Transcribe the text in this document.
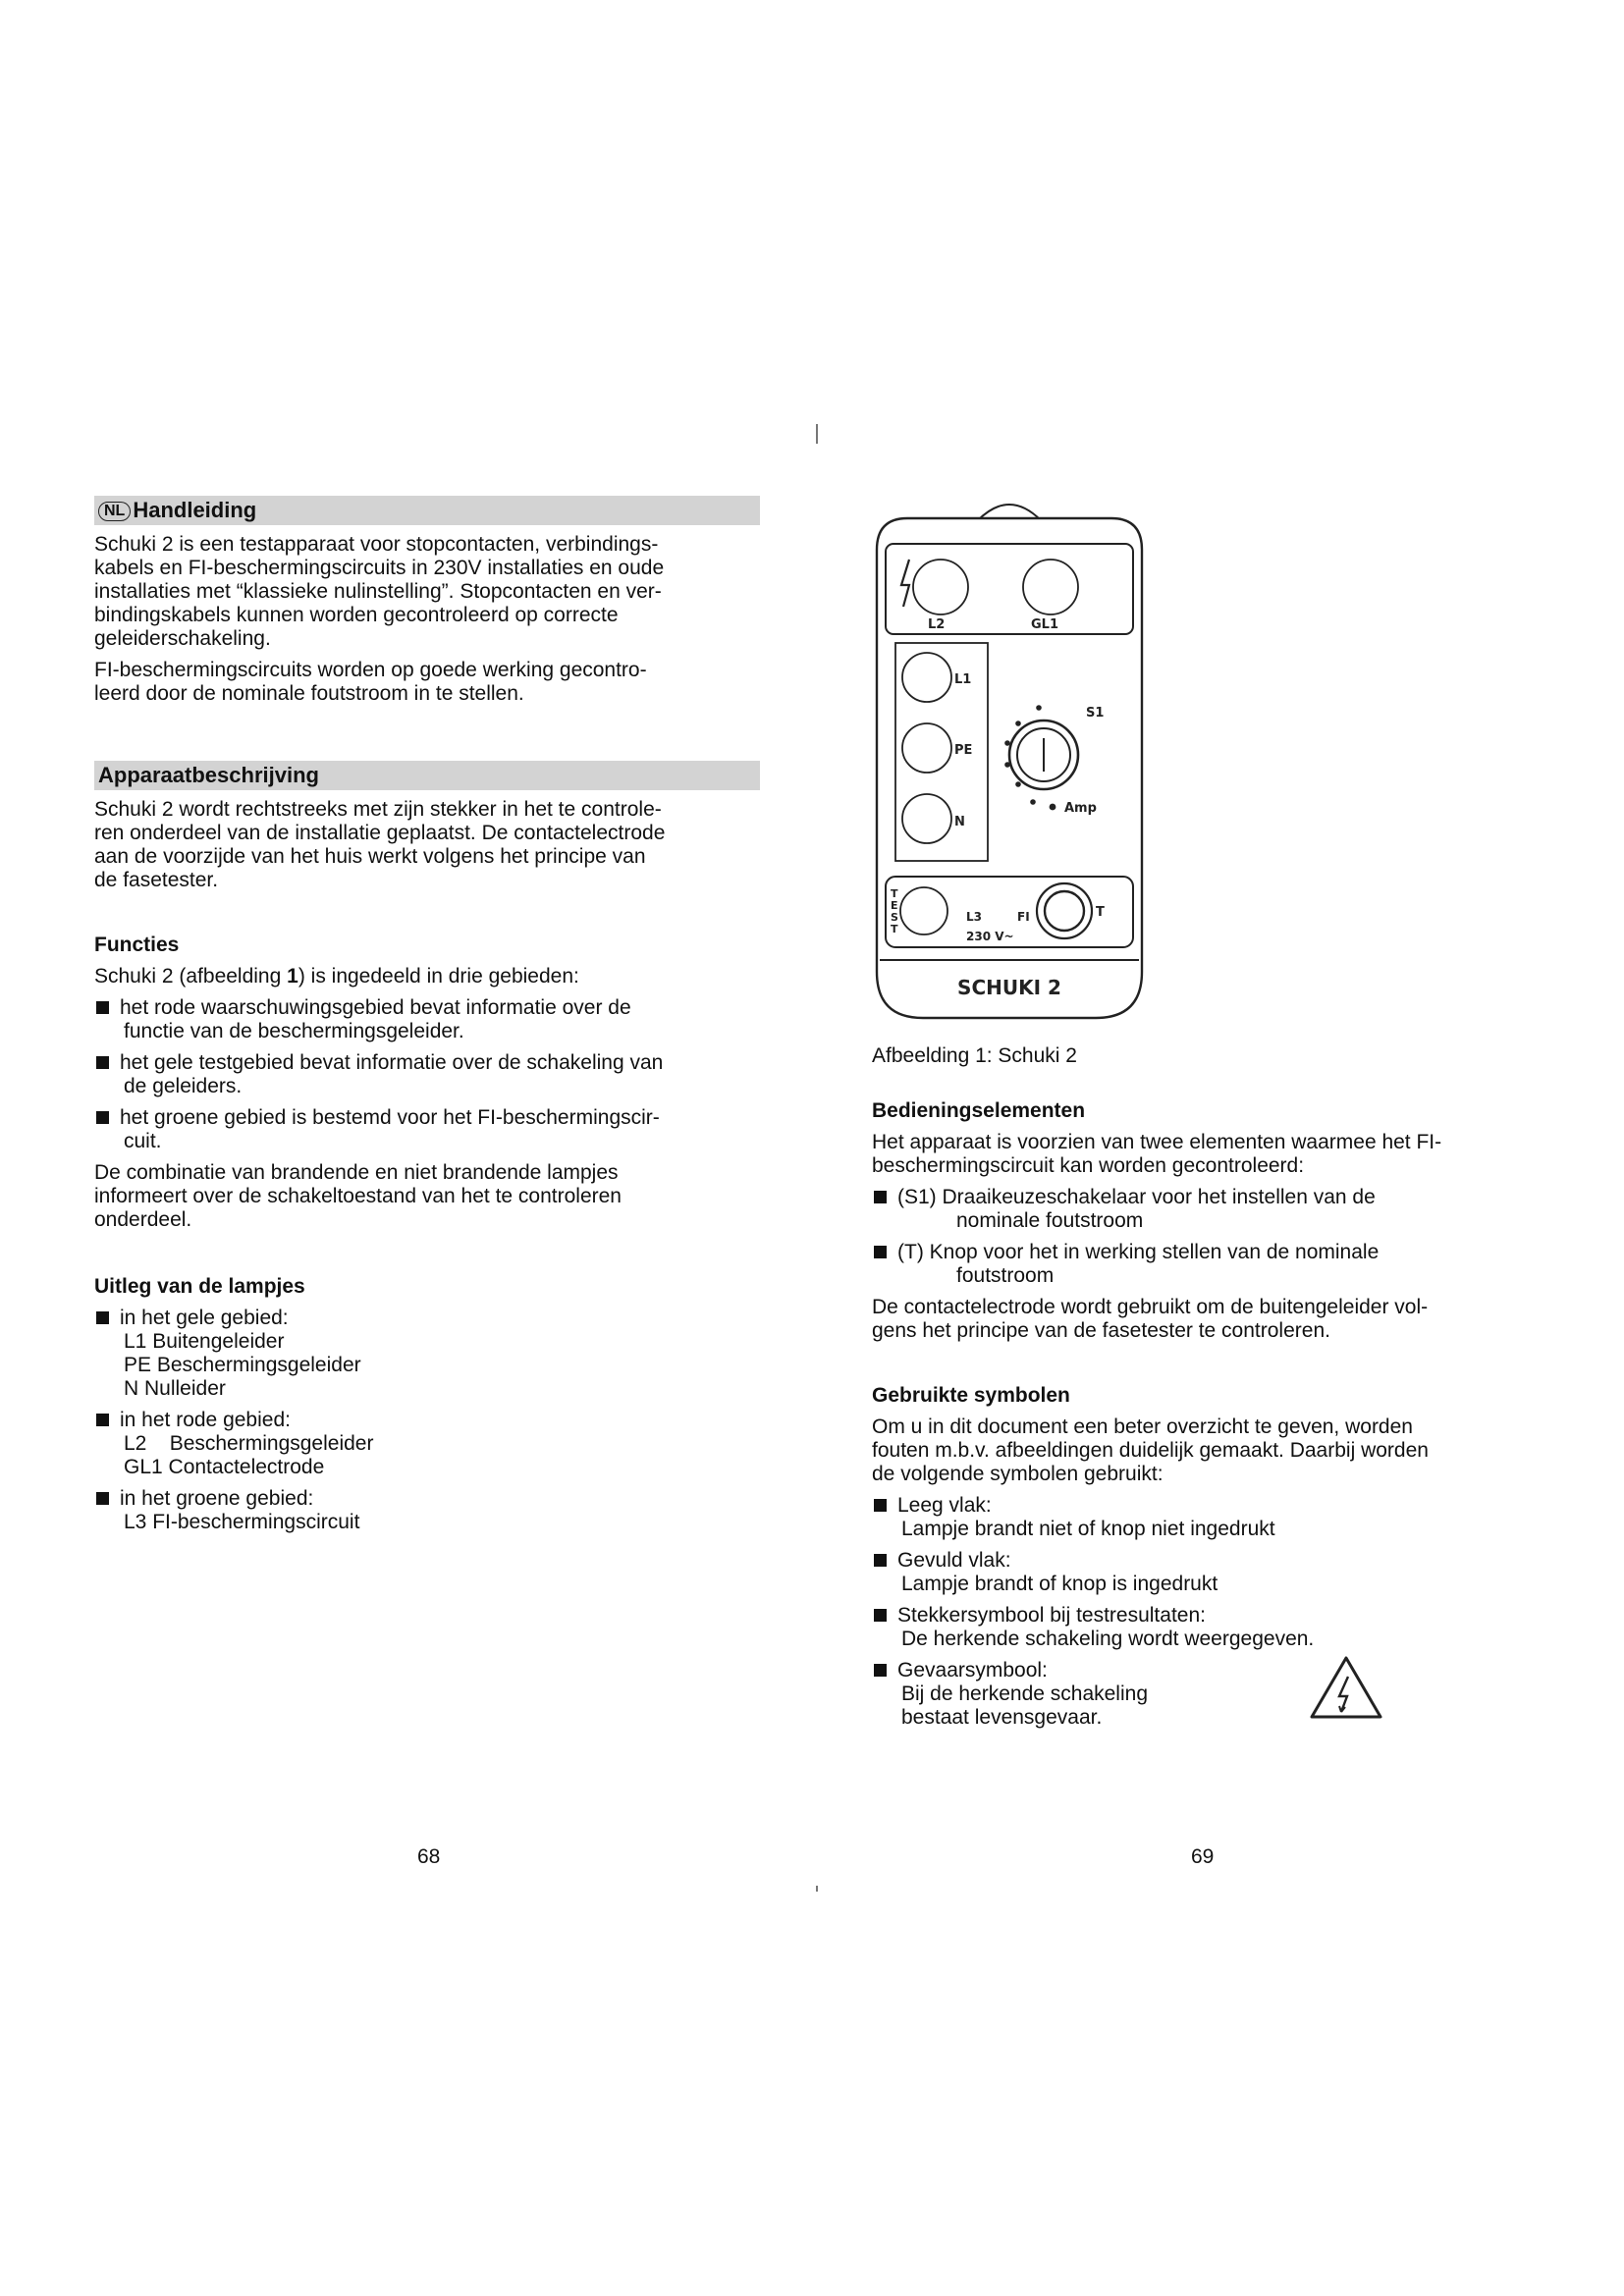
NL Handleiding

Schuki 2 is een testapparaat voor stopcontacten, verbindings-
kabels en FI-beschermingscircuits in 230V installaties en oude
installaties met “klassieke nulinstelling”. Stopcontacten en ver-
bindingskabels kunnen worden gecontroleerd op correcte
geleiderschakeling.

FI-beschermingscircuits worden op goede werking gecontro-
leerd door de nominale foutstroom in te stellen.

Apparaatbeschrijving

Schuki 2 wordt rechtstreeks met zijn stekker in het te controle-
ren onderdeel van de installatie geplaatst. De contactelectrode
aan de voorzijde van het huis werkt volgens het principe van
de fasetester.

Functies

Schuki 2 (afbeelding 1) is ingedeeld in drie gebieden:

het rode waarschuwingsgebied bevat informatie over de
functie van de beschermingsgeleider.
het gele testgebied bevat informatie over de schakeling van
de geleiders.
het groene gebied is bestemd voor het FI-beschermingscir-
cuit.

De combinatie van brandende en niet brandende lampjes
informeert over de schakeltoestand van het te controleren
onderdeel.

Uitleg van de lampjes
in het gele gebied:
L1 Buitengeleider
PE Beschermingsgeleider
N Nulleider
in het rode gebied:
L2    Beschermingsgeleider
GL1 Contactelectrode
in het groene gebied:
L3 FI-beschermingscircuit
68
L2	GL1
L1
PE
N
S1
Amp
T
E
S
T
L3	FI
230 V~
T
SCHUKI 2

Afbeelding 1: Schuki 2

Bedieningselementen

Het apparaat is voorzien van twee elementen waarmee het FI-
beschermingscircuit kan worden gecontroleerd:

(S1) Draaikeuzeschakelaar voor het instellen van de
nominale foutstroom
(T) Knop voor het in werking stellen van de nominale
foutstroom

De contactelectrode wordt gebruikt om de buitengeleider vol-
gens het principe van de fasetester te controleren.

Gebruikte symbolen

Om u in dit document een beter overzicht te geven, worden
fouten m.b.v. afbeeldingen duidelijk gemaakt. Daarbij worden
de volgende symbolen gebruikt:

Leeg vlak:
Lampje brandt niet of knop niet ingedrukt
Gevuld vlak:
Lampje brandt of knop is ingedrukt
Stekkersymbool bij testresultaten:
De herkende schakeling wordt weergegeven.
Gevaarsymbool:
Bij de herkende schakeling
bestaat levensgevaar.
69
